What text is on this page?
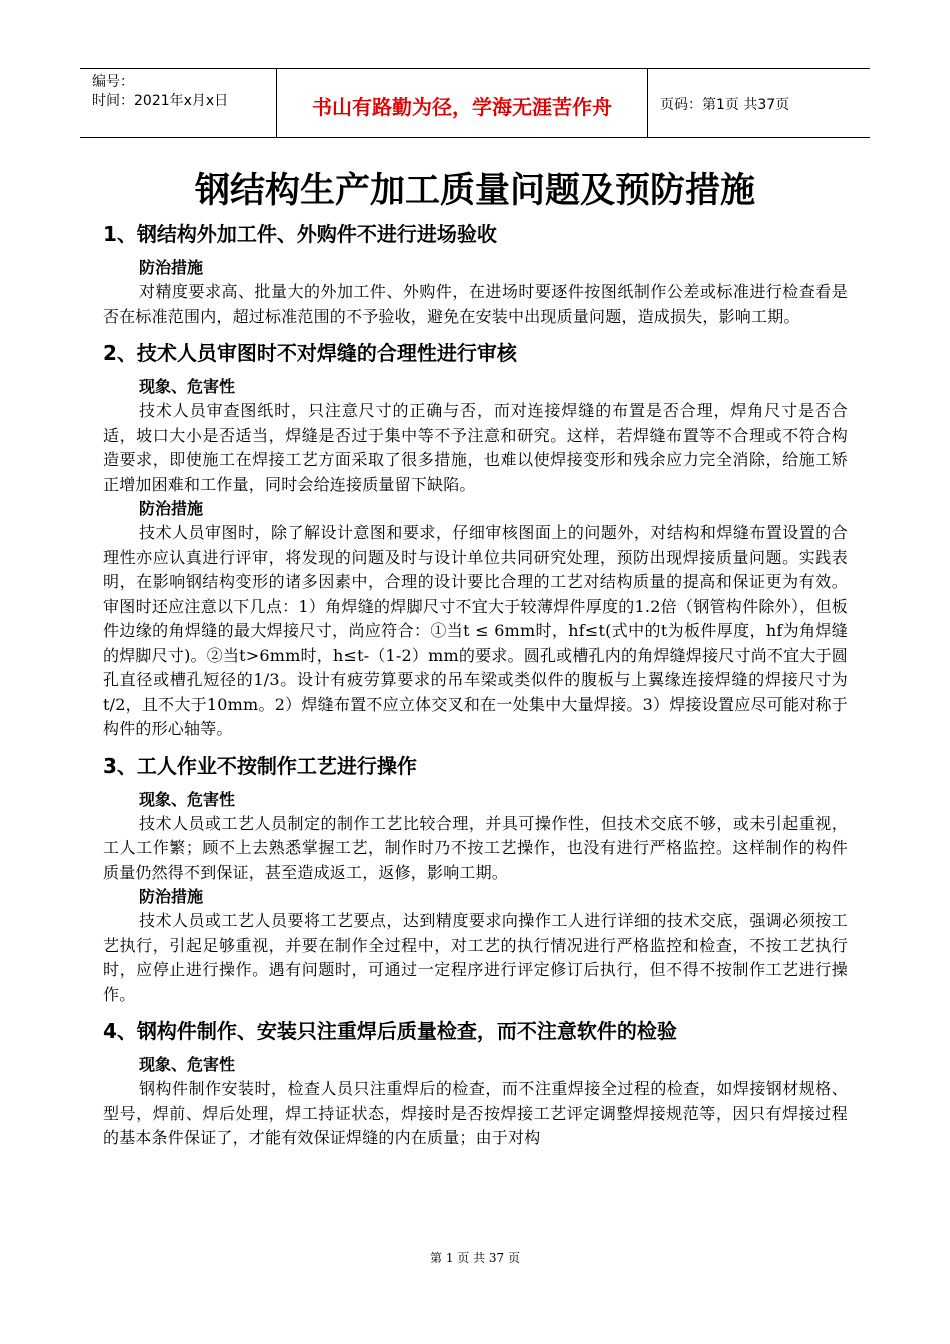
编号：
时间：2021年x月x日	书山有路勤为径，学海无涯苦作舟	页码：第1页 共37页
钢结构生产加工质量问题及预防措施
1、钢结构外加工件、外购件不进行进场验收

防治措施

对精度要求高、批量大的外加工件、外购件，在进场时要逐件按图纸制作公差或标准进行检查看是否在标准范围内，超过标准范围的不予验收，避免在安装中出现质量问题，造成损失，影响工期。

2、技术人员审图时不对焊缝的合理性进行审核

现象、危害性

技术人员审查图纸时，只注意尺寸的正确与否，而对连接焊缝的布置是否合理，焊角尺寸是否合适，坡口大小是否适当，焊缝是否过于集中等不予注意和研究。这样，若焊缝布置等不合理或不符合构造要求，即使施工在焊接工艺方面采取了很多措施，也难以使焊接变形和残余应力完全消除，给施工矫正增加困难和工作量，同时会给连接质量留下缺陷。

防治措施

技术人员审图时，除了解设计意图和要求，仔细审核图面上的问题外，对结构和焊缝布置设置的合理性亦应认真进行评审，将发现的问题及时与设计单位共同研究处理，预防出现焊接质量问题。实践表明，在影响钢结构变形的诸多因素中，合理的设计要比合理的工艺对结构质量的提高和保证更为有效。审图时还应注意以下几点：1）角焊缝的焊脚尺寸不宜大于较薄焊件厚度的1.2倍（钢管构件除外），但板件边缘的角焊缝的最大焊接尺寸，尚应符合：①当t ≤ 6mm时，hf≤t(式中的t为板件厚度，hf为角焊缝的焊脚尺寸)。②当t>6mm时，h≤t-（1-2）mm的要求。圆孔或槽孔内的角焊缝焊接尺寸尚不宜大于圆孔直径或槽孔短径的1/3。设计有疲劳算要求的吊车梁或类似件的腹板与上翼缘连接焊缝的焊接尺寸为t/2，且不大于10mm。2）焊缝布置不应立体交叉和在一处集中大量焊接。3）焊接设置应尽可能对称于构件的形心轴等。

3、工人作业不按制作工艺进行操作

现象、危害性

技术人员或工艺人员制定的制作工艺比较合理，并具可操作性，但技术交底不够，或未引起重视，工人工作繁；顾不上去熟悉掌握工艺，制作时乃不按工艺操作，也没有进行严格监控。这样制作的构件质量仍然得不到保证，甚至造成返工，返修，影响工期。

防治措施

技术人员或工艺人员要将工艺要点，达到精度要求向操作工人进行详细的技术交底，强调必须按工艺执行，引起足够重视，并要在制作全过程中，对工艺的执行情况进行严格监控和检查，不按工艺执行时，应停止进行操作。遇有问题时，可通过一定程序进行评定修订后执行，但不得不按制作工艺进行操作。

4、钢构件制作、安装只注重焊后质量检查，而不注意软件的检验

现象、危害性

钢构件制作安装时，检查人员只注重焊后的检查，而不注重焊接全过程的检查，如焊接钢材规格、型号，焊前、焊后处理，焊工持证状态，焊接时是否按焊接工艺评定调整焊接规范等，因只有焊接过程的基本条件保证了，才能有效保证焊缝的内在质量；由于对构

第 1 页 共 37 页
